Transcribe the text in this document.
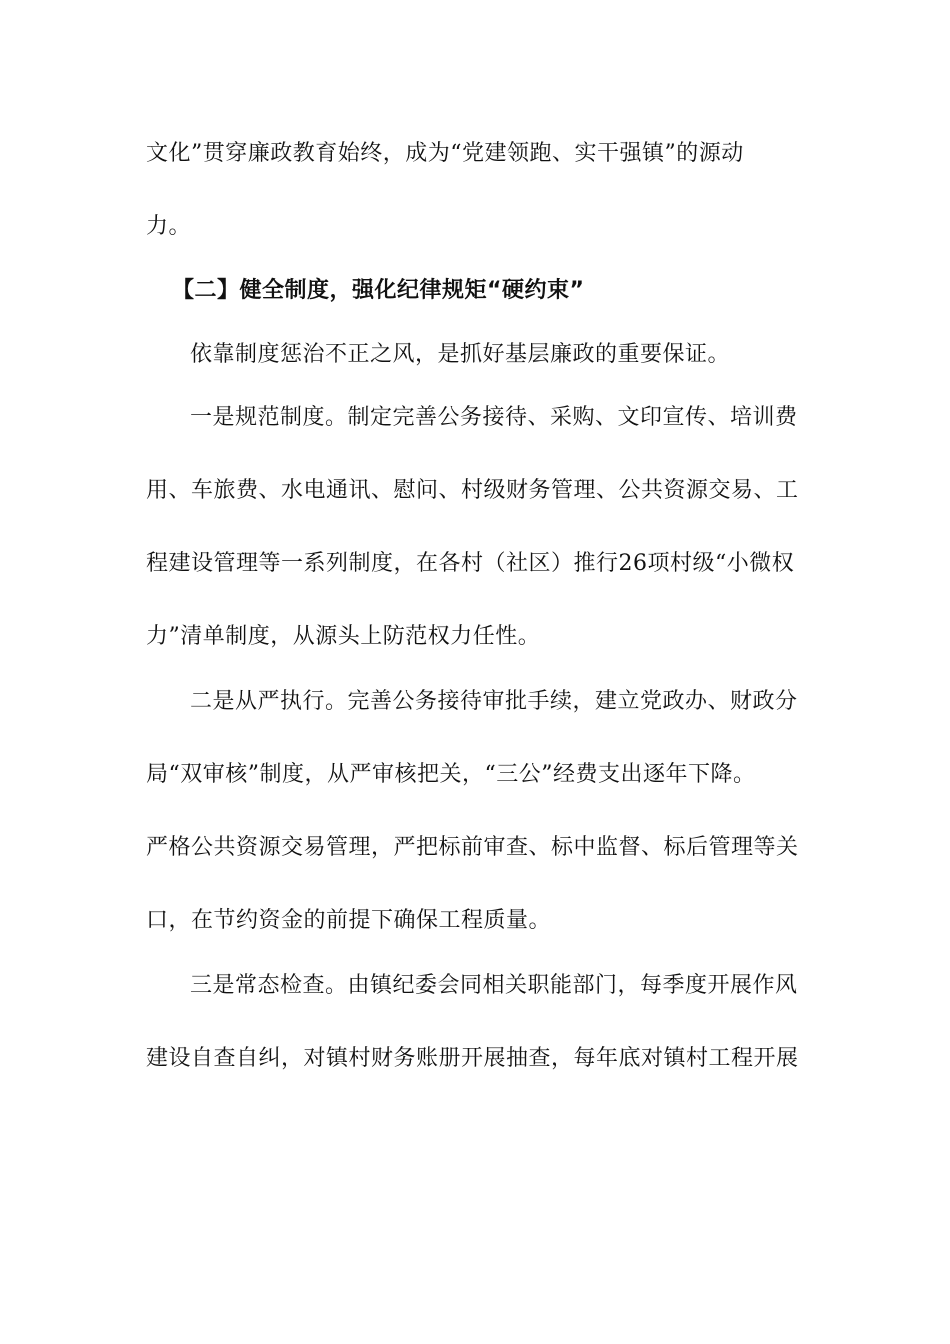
文化”贯穿廉政教育始终，成为“党建领跑、实干强镇”的源动
力。
【二】健全制度，强化纪律规矩“硬约束”
依靠制度惩治不正之风，是抓好基层廉政的重要保证。
一是规范制度。制定完善公务接待、采购、文印宣传、培训费
用、车旅费、水电通讯、慰问、村级财务管理、公共资源交易、工
程建设管理等一系列制度，在各村（社区）推行26项村级“小微权
力”清单制度，从源头上防范权力任性。
二是从严执行。完善公务接待审批手续，建立党政办、财政分
局“双审核”制度，从严审核把关，“三公”经费支出逐年下降。
严格公共资源交易管理，严把标前审查、标中监督、标后管理等关
口，在节约资金的前提下确保工程质量。
三是常态检查。由镇纪委会同相关职能部门，每季度开展作风
建设自查自纠，对镇村财务账册开展抽查，每年底对镇村工程开展
